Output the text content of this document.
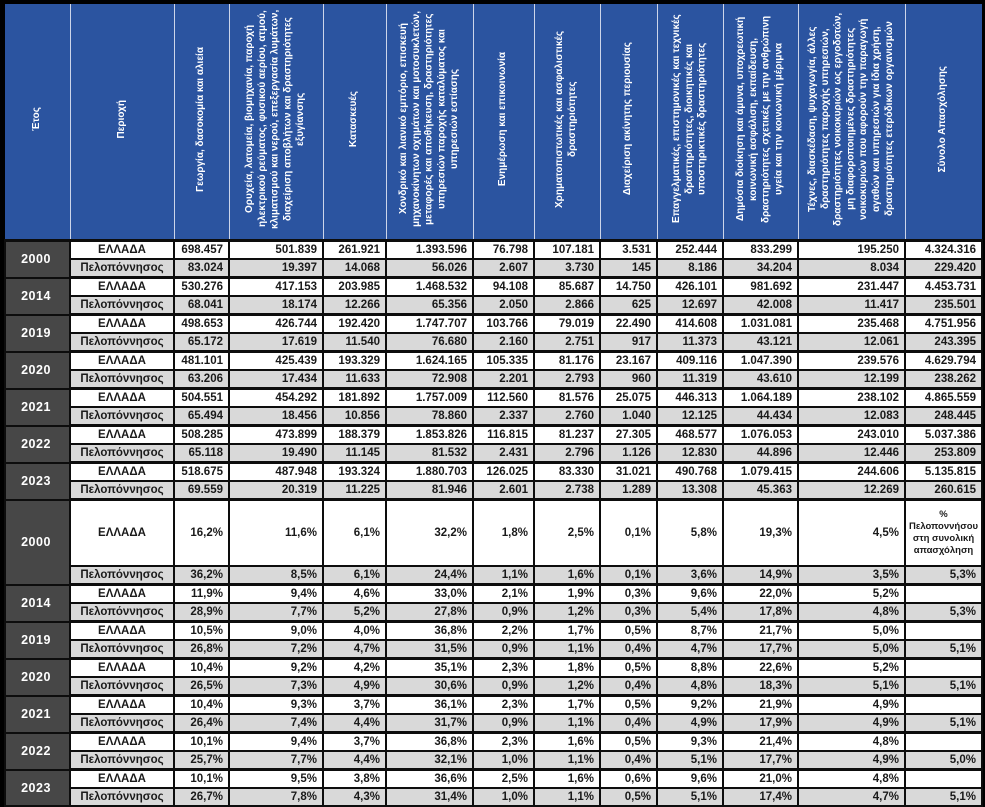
Έτος	Περιοχή	Γεωργία, δασοκομία και αλιεία	Ορυχεία, λατομεία, βιομηχανία, παροχή ηλεκτρικού ρεύματος, φυσικού αερίου, ατμού, κλιματισμού και νερού, επεξεργασία λυμάτων, διαχείριση αποβλήτων και δραστηριότητες εξυγίανσης	Κατασκευές	Χονδρικό και λιανικό εμπόριο, επισκευή μηχανοκίνητων οχημάτων και μοτοσυκλετών, μεταφορές και αποθήκευση, δραστηριότητες υπηρεσιών παροχής καταλύματος και υπηρεσιών εστίασης	Ενημέρωση και επικοινωνία	Χρηματοπιστωτικές και ασφαλιστικές δραστηριότητες	Διαχείριση ακίνητης περιουσίας	Επαγγελματικές, επιστημονικές και τεχνικές δραστηριότητες, διοικητικές και υποστηρικτικές δραστηριότητες	Δημόσια διοίκηση και άμυνα, υποχρεωτική κοινωνική ασφάλιση, εκπαίδευση, δραστηριότητες σχετικές με την ανθρώπινη υγεία και την κοινωνική μέριμνα	Τέχνες, διασκέδαση, ψυχαγωγία, άλλες δραστηριότητες παροχής υπηρεσιών, δραστηριότητες νοικοκυριών ως εργοδοτών, μη διαφοροποιημένες δραστηριότητες νοικοκυριών που αφορούν την παραγωγή αγαθών και υπηρεσιών για ίδια χρήση, δραστηριότητες ετερόδικων οργανισμών	Σύνολο Απασχόλησης
2000	ΕΛΛΑΔΑ	698.457	501.839	261.921	1.393.596	76.798	107.181	3.531	252.444	833.299	195.250	4.324.316
	Πελοπόννησος	83.024	19.397	14.068	56.026	2.607	3.730	145	8.186	34.204	8.034	229.420
2014	ΕΛΛΑΔΑ	530.276	417.153	203.985	1.468.532	94.108	85.687	14.750	426.101	981.692	231.447	4.453.731
	Πελοπόννησος	68.041	18.174	12.266	65.356	2.050	2.866	625	12.697	42.008	11.417	235.501
2019	ΕΛΛΑΔΑ	498.653	426.744	192.420	1.747.707	103.766	79.019	22.490	414.608	1.031.081	235.468	4.751.956
	Πελοπόννησος	65.172	17.619	11.540	76.680	2.160	2.751	917	11.373	43.121	12.061	243.395
2020	ΕΛΛΑΔΑ	481.101	425.439	193.329	1.624.165	105.335	81.176	23.167	409.116	1.047.390	239.576	4.629.794
	Πελοπόννησος	63.206	17.434	11.633	72.908	2.201	2.793	960	11.319	43.610	12.199	238.262
2021	ΕΛΛΑΔΑ	504.551	454.292	181.892	1.757.009	112.560	81.576	25.075	446.313	1.064.189	238.102	4.865.559
	Πελοπόννησος	65.494	18.456	10.856	78.860	2.337	2.760	1.040	12.125	44.434	12.083	248.445
2022	ΕΛΛΑΔΑ	508.285	473.899	188.379	1.853.826	116.815	81.237	27.305	468.577	1.076.053	243.010	5.037.386
	Πελοπόννησος	65.118	19.490	11.145	81.532	2.431	2.796	1.126	12.830	44.896	12.446	253.809
2023	ΕΛΛΑΔΑ	518.675	487.948	193.324	1.880.703	126.025	83.330	31.021	490.768	1.079.415	244.606	5.135.815
	Πελοπόννησος	69.559	20.319	11.225	81.946	2.601	2.738	1.289	13.308	45.363	12.269	260.615
2000	ΕΛΛΑΔΑ	16,2%	11,6%	6,1%	32,2%	1,8%	2,5%	0,1%	5,8%	19,3%	4,5%	% Πελοποννήσου στη συνολική απασχόληση
	Πελοπόννησος	36,2%	8,5%	6,1%	24,4%	1,1%	1,6%	0,1%	3,6%	14,9%	3,5%	5,3%
2014	ΕΛΛΑΔΑ	11,9%	9,4%	4,6%	33,0%	2,1%	1,9%	0,3%	9,6%	22,0%	5,2%	
	Πελοπόννησος	28,9%	7,7%	5,2%	27,8%	0,9%	1,2%	0,3%	5,4%	17,8%	4,8%	5,3%
2019	ΕΛΛΑΔΑ	10,5%	9,0%	4,0%	36,8%	2,2%	1,7%	0,5%	8,7%	21,7%	5,0%	
	Πελοπόννησος	26,8%	7,2%	4,7%	31,5%	0,9%	1,1%	0,4%	4,7%	17,7%	5,0%	5,1%
2020	ΕΛΛΑΔΑ	10,4%	9,2%	4,2%	35,1%	2,3%	1,8%	0,5%	8,8%	22,6%	5,2%	
	Πελοπόννησος	26,5%	7,3%	4,9%	30,6%	0,9%	1,2%	0,4%	4,8%	18,3%	5,1%	5,1%
2021	ΕΛΛΑΔΑ	10,4%	9,3%	3,7%	36,1%	2,3%	1,7%	0,5%	9,2%	21,9%	4,9%	
	Πελοπόννησος	26,4%	7,4%	4,4%	31,7%	0,9%	1,1%	0,4%	4,9%	17,9%	4,9%	5,1%
2022	ΕΛΛΑΔΑ	10,1%	9,4%	3,7%	36,8%	2,3%	1,6%	0,5%	9,3%	21,4%	4,8%	
	Πελοπόννησος	25,7%	7,7%	4,4%	32,1%	1,0%	1,1%	0,4%	5,1%	17,7%	4,9%	5,0%
2023	ΕΛΛΑΔΑ	10,1%	9,5%	3,8%	36,6%	2,5%	1,6%	0,6%	9,6%	21,0%	4,8%	
	Πελοπόννησος	26,7%	7,8%	4,3%	31,4%	1,0%	1,1%	0,5%	5,1%	17,4%	4,7%	5,1%
